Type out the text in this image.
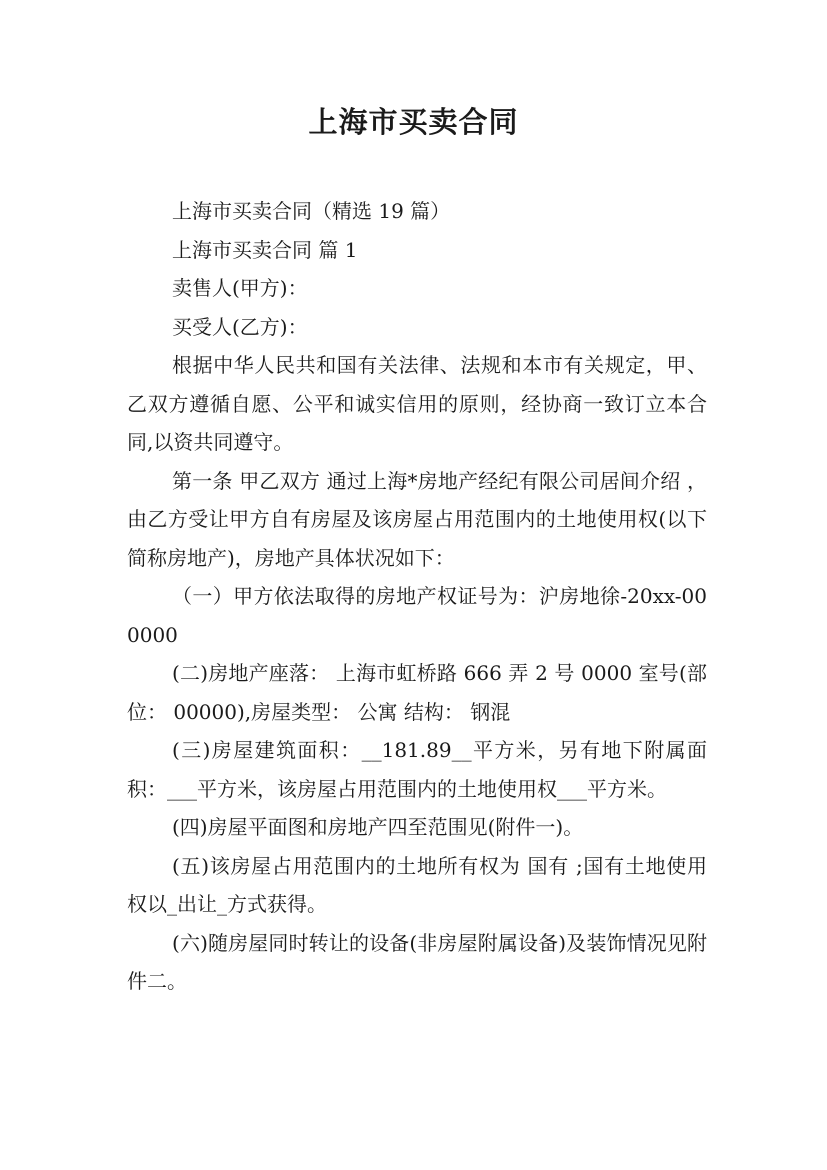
上海市买卖合同

上海市买卖合同（精选 19 篇）

上海市买卖合同 篇 1

卖售人(甲方)：

买受人(乙方)：

根据中华人民共和国有关法律、法规和本市有关规定，甲、乙双方遵循自愿、公平和诚实信用的原则，经协商一致订立本合同,以资共同遵守。

第一条 甲乙双方 通过上海*房地产经纪有限公司居间介绍 ，由乙方受让甲方自有房屋及该房屋占用范围内的土地使用权(以下简称房地产)，房地产具体状况如下：

（一）甲方依法取得的房地产权证号为：沪房地徐-20xx-000000

(二)房地产座落： 上海市虹桥路 666 弄 2 号 0000 室号(部位： 00000),房屋类型： 公寓 结构： 钢混

(三)房屋建筑面积：__181.89__平方米，另有地下附属面积：___平方米，该房屋占用范围内的土地使用权___平方米。

(四)房屋平面图和房地产四至范围见(附件一)。

(五)该房屋占用范围内的土地所有权为 国有 ;国有土地使用权以_出让_方式获得。

(六)随房屋同时转让的设备(非房屋附属设备)及装饰情况见附件二。
